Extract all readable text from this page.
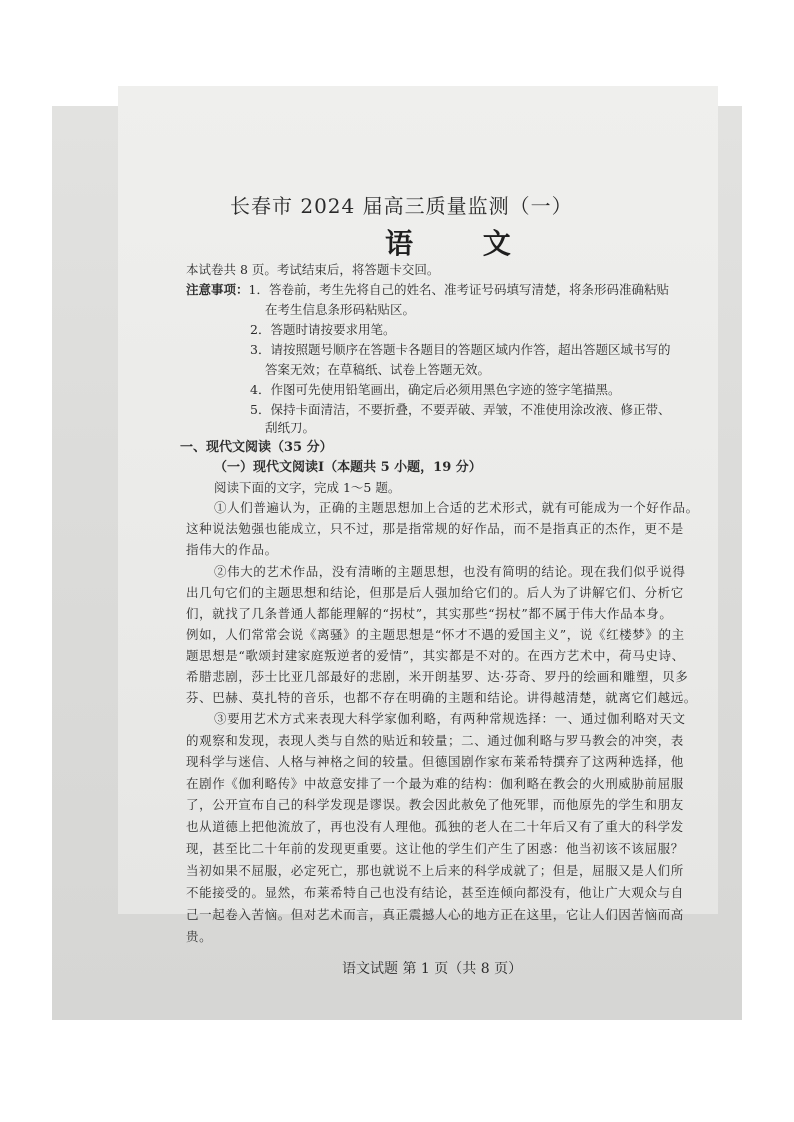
长春市 2024 届高三质量监测（一）
语 文
本试卷共 8 页。考试结束后，将答题卡交回。
注意事项：1．答卷前，考生先将自己的姓名、准考证号码填写清楚，将条形码准确粘贴
在考生信息条形码粘贴区。
2．答题时请按要求用笔。
3．请按照题号顺序在答题卡各题目的答题区域内作答，超出答题区域书写的
答案无效；在草稿纸、试卷上答题无效。
4．作图可先使用铅笔画出，确定后必须用黑色字迹的签字笔描黑。
5．保持卡面清洁，不要折叠，不要弄破、弄皱，不准使用涂改液、修正带、
刮纸刀。
一、现代文阅读（35 分）
（一）现代文阅读Ⅰ（本题共 5 小题，19 分）
阅读下面的文字，完成 1～5 题。
①人们普遍认为，正确的主题思想加上合适的艺术形式，就有可能成为一个好作品。
这种说法勉强也能成立，只不过，那是指常规的好作品，而不是指真正的杰作，更不是
指伟大的作品。
②伟大的艺术作品，没有清晰的主题思想，也没有简明的结论。现在我们似乎说得
出几句它们的主题思想和结论，但那是后人强加给它们的。后人为了讲解它们、分析它
们，就找了几条普通人都能理解的“拐杖”，其实那些“拐杖”都不属于伟大作品本身。
例如，人们常常会说《离骚》的主题思想是“怀才不遇的爱国主义”，说《红楼梦》的主
题思想是“歌颂封建家庭叛逆者的爱情”，其实都是不对的。在西方艺术中，荷马史诗、
希腊悲剧，莎士比亚几部最好的悲剧，米开朗基罗、达·芬奇、罗丹的绘画和雕塑，贝多
芬、巴赫、莫扎特的音乐，也都不存在明确的主题和结论。讲得越清楚，就离它们越远。
③要用艺术方式来表现大科学家伽利略，有两种常规选择：一、通过伽利略对天文
的观察和发现，表现人类与自然的贴近和较量；二、通过伽利略与罗马教会的冲突，表
现科学与迷信、人格与神格之间的较量。但德国剧作家布莱希特撰弃了这两种选择，他
在剧作《伽利略传》中故意安排了一个最为难的结构：伽利略在教会的火刑威胁前屈服
了，公开宣布自己的科学发现是谬误。教会因此赦免了他死罪，而他原先的学生和朋友
也从道德上把他流放了，再也没有人理他。孤独的老人在二十年后又有了重大的科学发
现，甚至比二十年前的发现更重要。这让他的学生们产生了困惑：他当初该不该屈服？
当初如果不屈服，必定死亡，那也就说不上后来的科学成就了；但是，屈服又是人们所
不能接受的。显然，布莱希特自己也没有结论，甚至连倾向都没有，他让广大观众与自
己一起卷入苦恼。但对艺术而言，真正震撼人心的地方正在这里，它让人们因苦恼而高
贵。
语文试题 第 1 页（共 8 页）
